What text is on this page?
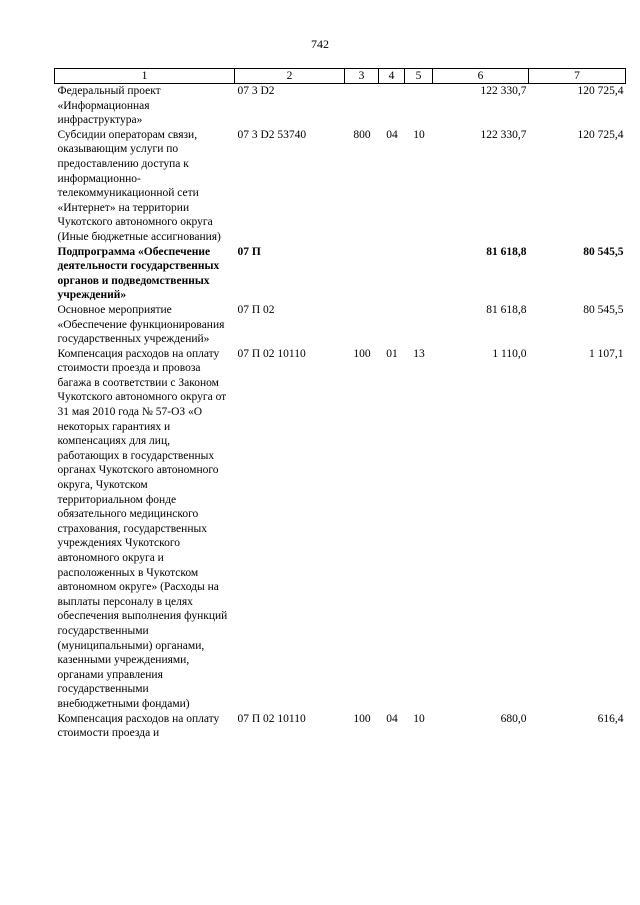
742
1	2	3	4	5	6	7
Федеральный проект «Информационная инфраструктура»	07 3 D2				122 330,7	120 725,4
Субсидии операторам связи, оказывающим услуги по предоставлению доступа к информационно-телекоммуникационной сети «Интернет» на территории Чукотского автономного округа (Иные бюджетные ассигнования)	07 3 D2 53740	800	04	10	122 330,7	120 725,4
Подпрограмма «Обеспечение деятельности государственных органов и подведомственных учреждений»	07 П				81 618,8	80 545,5
Основное мероприятие «Обеспечение функционирования государственных учреждений»	07 П 02				81 618,8	80 545,5
Компенсация расходов на оплату стоимости проезда и провоза багажа в соответствии с Законом Чукотского автономного округа от 31 мая 2010 года № 57-ОЗ «О некоторых гарантиях и компенсациях для лиц, работающих в государственных органах Чукотского автономного округа, Чукотском территориальном фонде обязательного медицинского страхования, государственных учреждениях Чукотского автономного округа и расположенных в Чукотском автономном округе» (Расходы на выплаты персоналу в целях обеспечения выполнения функций государственными (муниципальными) органами, казенными учреждениями, органами управления государственными внебюджетными фондами)	07 П 02 10110	100	01	13	1 110,0	1 107,1
Компенсация расходов на оплату стоимости проезда и	07 П 02 10110	100	04	10	680,0	616,4
